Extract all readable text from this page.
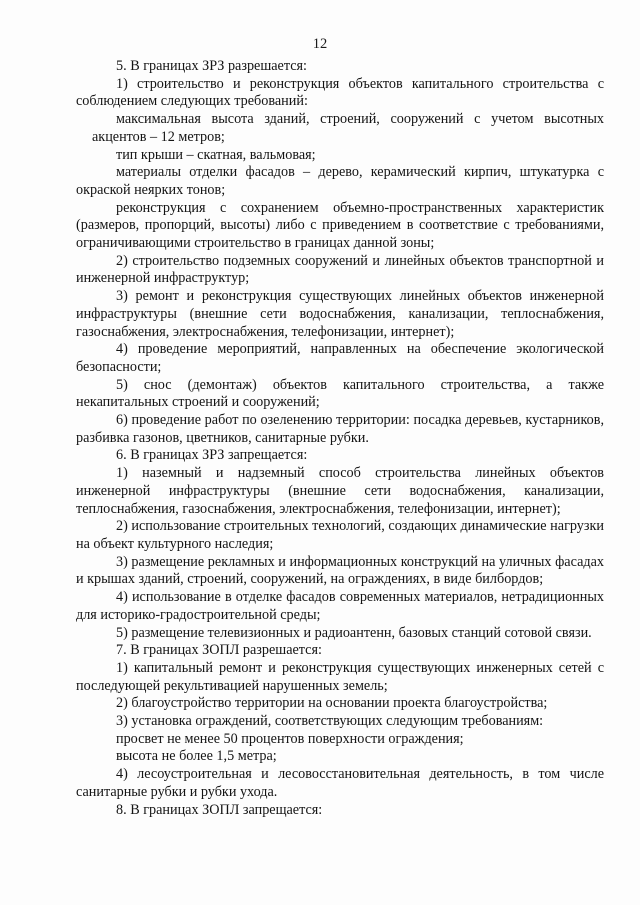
12

5. В границах ЗРЗ разрешается:

1) строительство и реконструкция объектов капитального строительства с соблюдением следующих требований:

максимальная высота зданий, строений, сооружений с учетом высотных акцентов – 12 метров;

тип крыши – скатная, вальмовая;

материалы отделки фасадов – дерево, керамический кирпич, штукатурка с окраской неярких тонов;

реконструкция с сохранением объемно-пространственных характеристик (размеров, пропорций, высоты) либо с приведением в соответствие с требованиями, ограничивающими строительство в границах данной зоны;

2) строительство подземных сооружений и линейных объектов транспортной и инженерной инфраструктур;

3) ремонт и реконструкция существующих линейных объектов инженерной инфраструктуры (внешние сети водоснабжения, канализации, теплоснабжения, газоснабжения, электроснабжения, телефонизации, интернет);

4) проведение мероприятий, направленных на обеспечение экологической безопасности;

5) снос (демонтаж) объектов капитального строительства, а также некапитальных строений и сооружений;

6) проведение работ по озеленению территории: посадка деревьев, кустарников, разбивка газонов, цветников, санитарные рубки.

6. В границах ЗРЗ запрещается:

1) наземный и надземный способ строительства линейных объектов инженерной инфраструктуры (внешние сети водоснабжения, канализации, теплоснабжения, газоснабжения, электроснабжения, телефонизации, интернет);

2) использование строительных технологий, создающих динамические нагрузки на объект культурного наследия;

3) размещение рекламных и информационных конструкций на уличных фасадах и крышах зданий, строений, сооружений, на ограждениях, в виде билбордов;

4) использование в отделке фасадов современных материалов, нетрадиционных для историко-градостроительной среды;

5) размещение телевизионных и радиоантенн, базовых станций сотовой связи.

7. В границах ЗОПЛ разрешается:

1) капитальный ремонт и реконструкция существующих инженерных сетей с последующей рекультивацией нарушенных земель;

2) благоустройство территории на основании проекта благоустройства;

3) установка ограждений, соответствующих следующим требованиям:

просвет не менее 50 процентов поверхности ограждения;

высота не более 1,5 метра;

4) лесоустроительная и лесовосстановительная деятельность, в том числе санитарные рубки и рубки ухода.

8. В границах ЗОПЛ запрещается:
